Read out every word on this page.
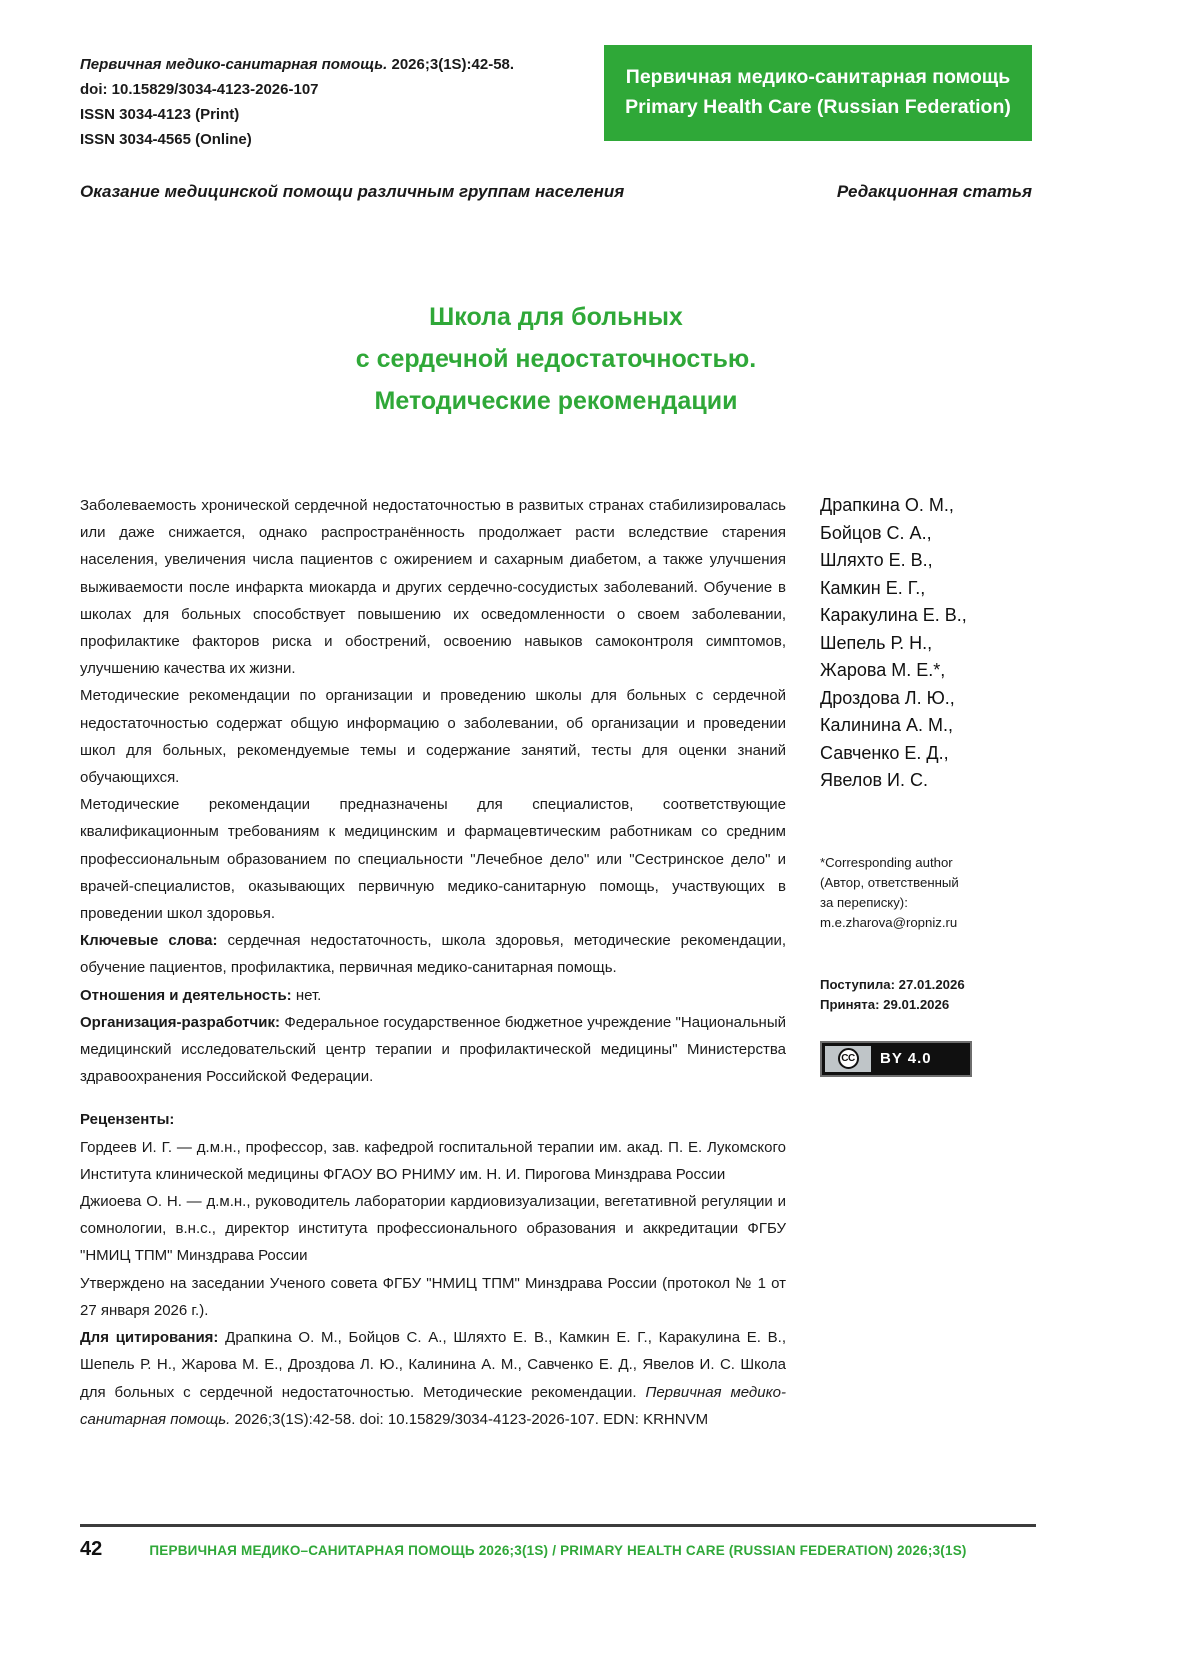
Первичная медико-санитарная помощь. 2026;3(1S):42-58.
doi: 10.15829/3034-4123-2026-107
ISSN 3034-4123 (Print)
ISSN 3034-4565 (Online)
Первичная медико-санитарная помощь
Primary Health Care (Russian Federation)
Оказание медицинской помощи различным группам населения	Редакционная статья
Школа для больных
с сердечной недостаточностью.
Методические рекомендации

Заболеваемость хронической сердечной недостаточностью в развитых странах стабилизировалась или даже снижается, однако распространённость продолжает расти вследствие старения населения, увеличения числа пациентов с ожирением и сахарным диабетом, а также улучшения выживаемости после инфаркта миокарда и других сердечно-сосудистых заболеваний. Обучение в школах для больных способствует повышению их осведомленности о своем заболевании, профилактике факторов риска и обострений, освоению навыков самоконтроля симптомов, улучшению качества их жизни.

Методические рекомендации по организации и проведению школы для больных с сердечной недостаточностью содержат общую информацию о заболевании, об организации и проведении школ для больных, рекомендуемые темы и содержание занятий, тесты для оценки знаний обучающихся.

Методические рекомендации предназначены для специалистов, соответствующие квалификационным требованиям к медицинским и фармацевтическим работникам со средним профессиональным образованием по специальности "Лечебное дело" или "Сестринское дело" и врачей-специалистов, оказывающих первичную медико-санитарную помощь, участвующих в проведении школ здоровья.

Ключевые слова: сердечная недостаточность, школа здоровья, методические рекомендации, обучение пациентов, профилактика, первичная медико-санитарная помощь.

Отношения и деятельность: нет.

Организация-разработчик: Федеральное государственное бюджетное учреждение "Национальный медицинский исследовательский центр терапии и профилактической медицины" Министерства здравоохранения Российской Федерации.

Рецензенты:

Гордеев И. Г. — д.м.н., профессор, зав. кафедрой госпитальной терапии им. акад. П. Е. Лукомского Института клинической медицины ФГАОУ ВО РНИМУ им. Н. И. Пирогова Минздрава России

Джиоева О. Н. — д.м.н., руководитель лаборатории кардиовизуализации, вегетативной регуляции и сомнологии, в.н.с., директор института профессионального образования и аккредитации ФГБУ "НМИЦ ТПМ" Минздрава России

Утверждено на заседании Ученого совета ФГБУ "НМИЦ ТПМ" Минздрава России (протокол № 1 от 27 января 2026 г.).

Для цитирования: Драпкина О. М., Бойцов С. А., Шляхто Е. В., Камкин Е. Г., Каракулина Е. В., Шепель Р. Н., Жарова М. Е., Дроздова Л. Ю., Калинина А. М., Савченко Е. Д., Явелов И. С. Школа для больных с сердечной недостаточностью. Методические рекомендации. Первичная медико-санитарная помощь. 2026;3(1S):42-58. doi: 10.15829/3034-4123-2026-107. EDN: KRHNVM

Драпкина О. М.,
Бойцов С. А.,
Шляхто Е. В.,
Камкин Е. Г.,
Каракулина Е. В.,
Шепель Р. Н.,
Жарова М. Е.*,
Дроздова Л. Ю.,
Калинина А. М.,
Савченко Е. Д.,
Явелов И. С.
*Corresponding author
(Автор, ответственный
за переписку):
m.e.zharova@ropniz.ru
Поступила: 27.01.2026
Принята: 29.01.2026
CC	BY 4.0
42	ПЕРВИЧНАЯ МЕДИКО–САНИТАРНАЯ ПОМОЩЬ 2026;3(1S) / PRIMARY HEALTH CARE (RUSSIAN FEDERATION) 2026;3(1S)
